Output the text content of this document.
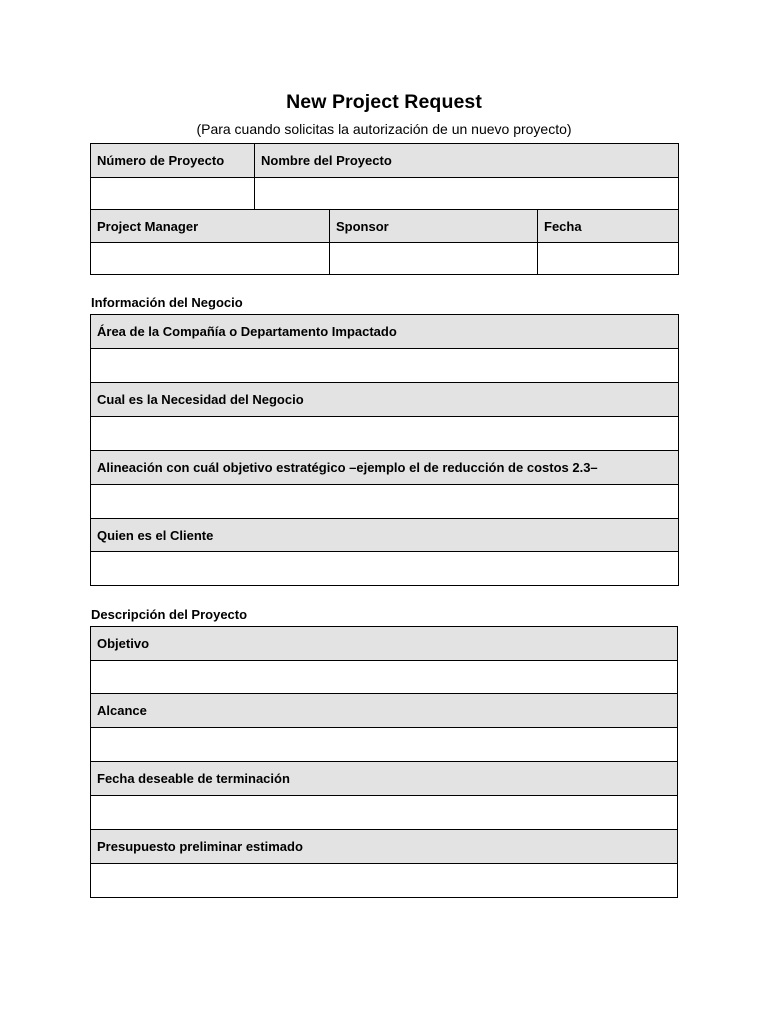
New Project Request
(Para cuando solicitas la autorización de un nuevo proyecto)
Número de Proyecto	Nombre del Proyecto		

Project Manager		Sponsor	Fecha

Información del Negocio
Área de la Compañía o Departamento Impactado

Cual es la Necesidad del Negocio

Alineación con cuál objetivo estratégico –ejemplo el de reducción de costos 2.3–

Quien es el Cliente

Descripción del Proyecto
Objetivo

Alcance

Fecha deseable de terminación

Presupuesto preliminar estimado
